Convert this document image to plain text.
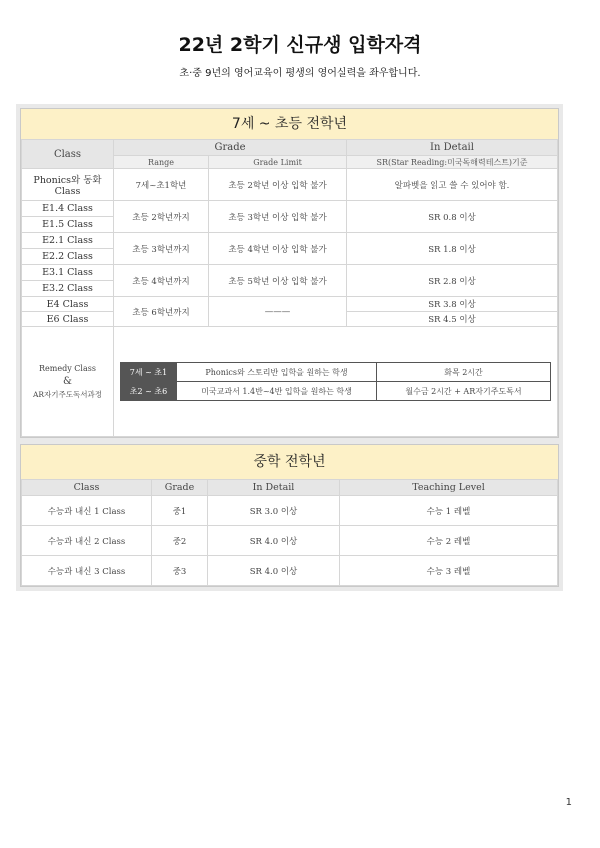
22년 2학기 신규생 입학자격
초·중 9년의 영어교육이 평생의 영어실력을 좌우합니다.
7세 ~ 초등 전학년
Class	Grade	In Detail
Range	Grade Limit	SR(Star Reading:미국독해력테스트)기준

Phonics와 동화
Class
	7세~초1학년	초등 2학년 이상 입학 불가	알파벳을 읽고 쓸 수 있어야 함.
E1.4 Class	초등 2학년까지	초등 3학년 이상 입학 불가	SR 0.8 이상
E1.5 Class
E2.1 Class	초등 3학년까지	초등 4학년 이상 입학 불가	SR 1.8 이상
E2.2 Class
E3.1 Class	초등 4학년까지	초등 5학년 이상 입학 불가	SR 2.8 이상
E3.2 Class
E4 Class	초등 6학년까지	———	SR 3.8 이상
E6 Class	SR 4.5 이상

Remedy Class
&
AR자기주도독서과정

7세 ~ 초1	Phonics와 스토리반 입학을 원하는 학생	화목 2시간
초2 ~ 초6	미국교과서 1.4반~4반 입학을 원하는 학생	월수금 2시간 + AR자기주도독서
중학 전학년
Class	Grade	In Detail	Teaching Level
수능과 내신 1 Class	중1	SR 3.0 이상	수능 1 레벨
수능과 내신 2 Class	중2	SR 4.0 이상	수능 2 레벨
수능과 내신 3 Class	중3	SR 4.0 이상	수능 3 레벨
1
